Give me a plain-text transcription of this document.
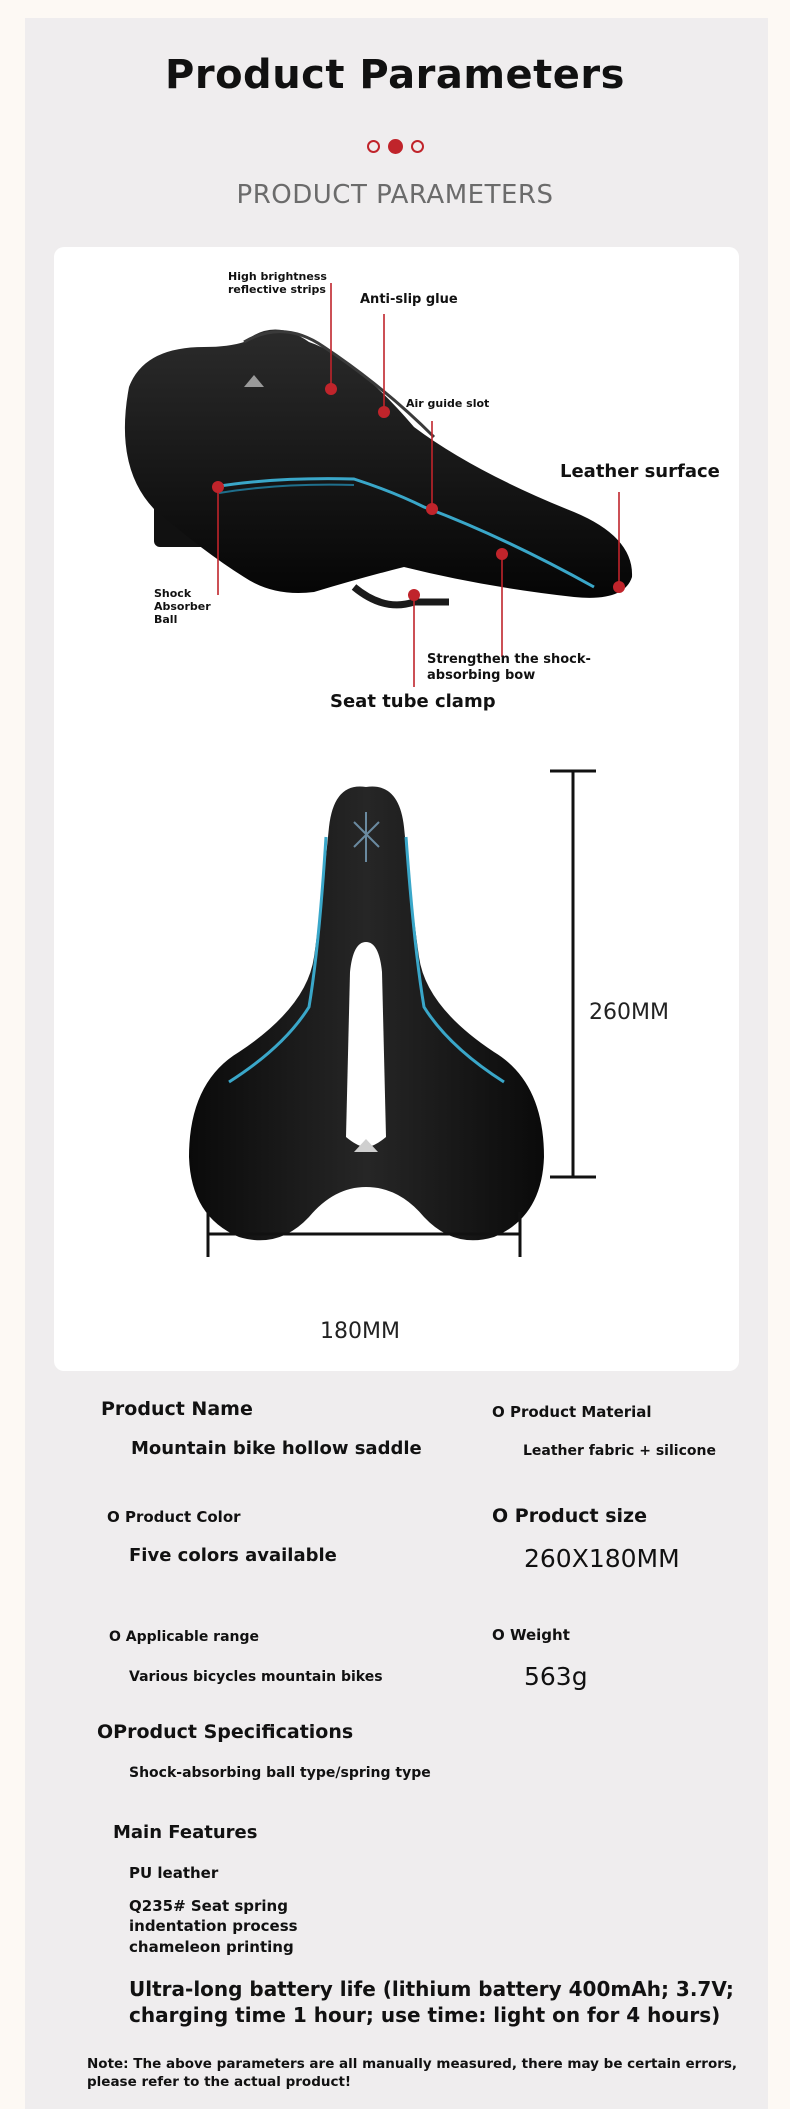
Product Parameters
PRODUCT PARAMETERS
High brightness
reflective strips
Anti-slip glue
Air guide slot
Leather surface
Shock
Absorber
Ball
Strengthen the shock-
absorbing bow
Seat tube clamp
260MM
180MM
Product Name
Mountain bike hollow saddle
O Product Material
Leather fabric + silicone
O Product Color
Five colors available
O Product size
260X180MM
O Applicable range
Various bicycles mountain bikes
O Weight
563g
OProduct Specifications
Shock-absorbing ball type/spring type
Main Features
PU leather
Q235# Seat spring
indentation process
chameleon printing
Ultra-long battery life (lithium battery 400mAh; 3.7V;
charging time 1 hour; use time: light on for 4 hours)
Note: The above parameters are all manually measured, there may be certain errors,
please refer to the actual product!
